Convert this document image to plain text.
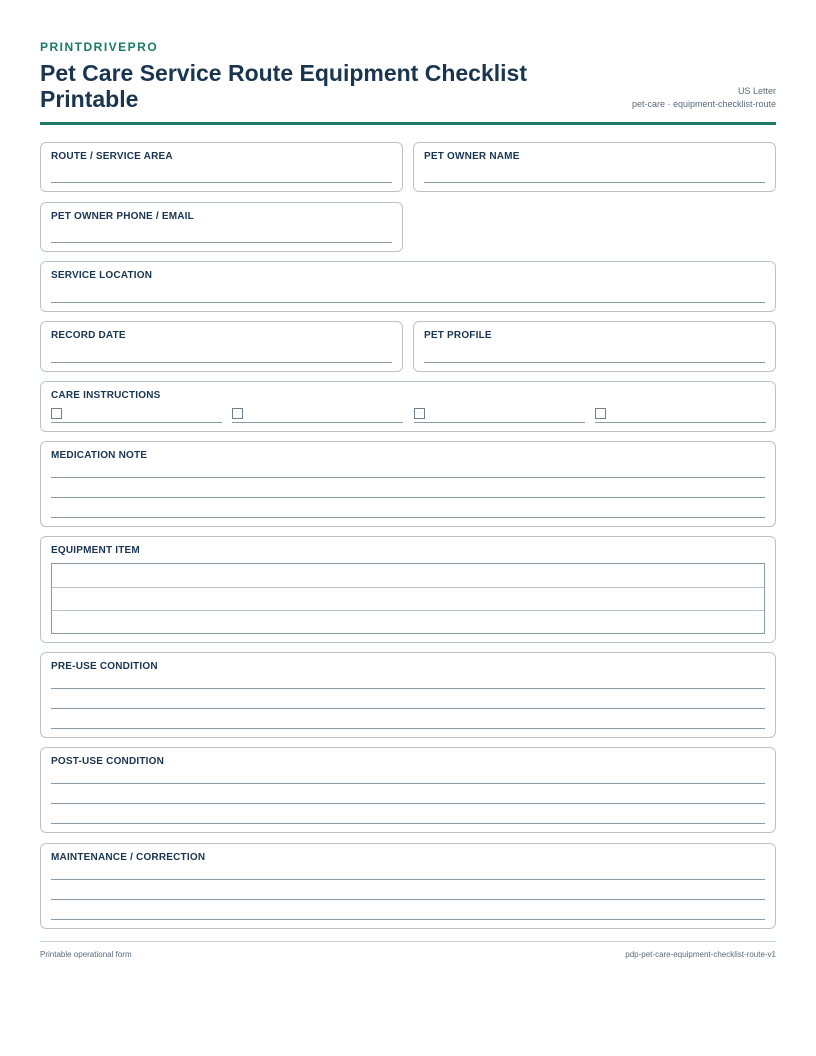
PRINTDRIVEPRO
Pet Care Service Route Equipment Checklist Printable	US Letter
pet-care · equipment-checklist-route
ROUTE / SERVICE AREA	PET OWNER NAME
PET OWNER PHONE / EMAIL
SERVICE LOCATION
RECORD DATE	PET PROFILE
CARE INSTRUCTIONS
MEDICATION NOTE
EQUIPMENT ITEM
PRE-USE CONDITION
POST-USE CONDITION
MAINTENANCE / CORRECTION
Printable operational form	pdp-pet-care-equipment-checklist-route-v1
